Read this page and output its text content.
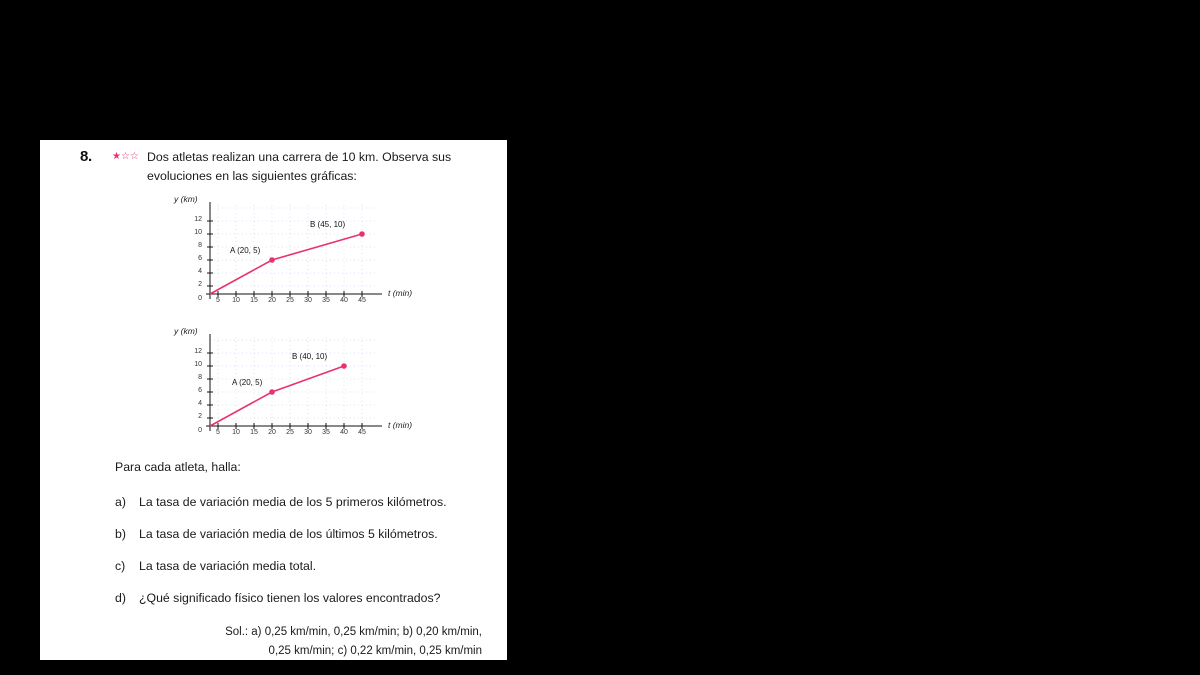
8. ★☆☆ Dos atletas realizan una carrera de 10 km. Observa sus evoluciones en las siguientes gráficas:
y (km)
t (min)
12
10
8
6
4
2
0	5	10	15	20	25	30	35	40	45
A (20, 5)
B (45, 10)
y (km)
t (min)
12
10
8
6
4
2
0	5	10	15	20	25	30	35	40	45
A (20, 5)
B (40, 10)
Para cada atleta, halla:
a)	La tasa de variación media de los 5 primeros kilómetros.
b)	La tasa de variación media de los últimos 5 kilómetros.
c)	La tasa de variación media total.
d)	¿Qué significado físico tienen los valores encontrados?
Sol.: a) 0,25 km/min, 0,25 km/min; b) 0,20 km/min,
0,25 km/min; c) 0,22 km/min, 0,25 km/min
